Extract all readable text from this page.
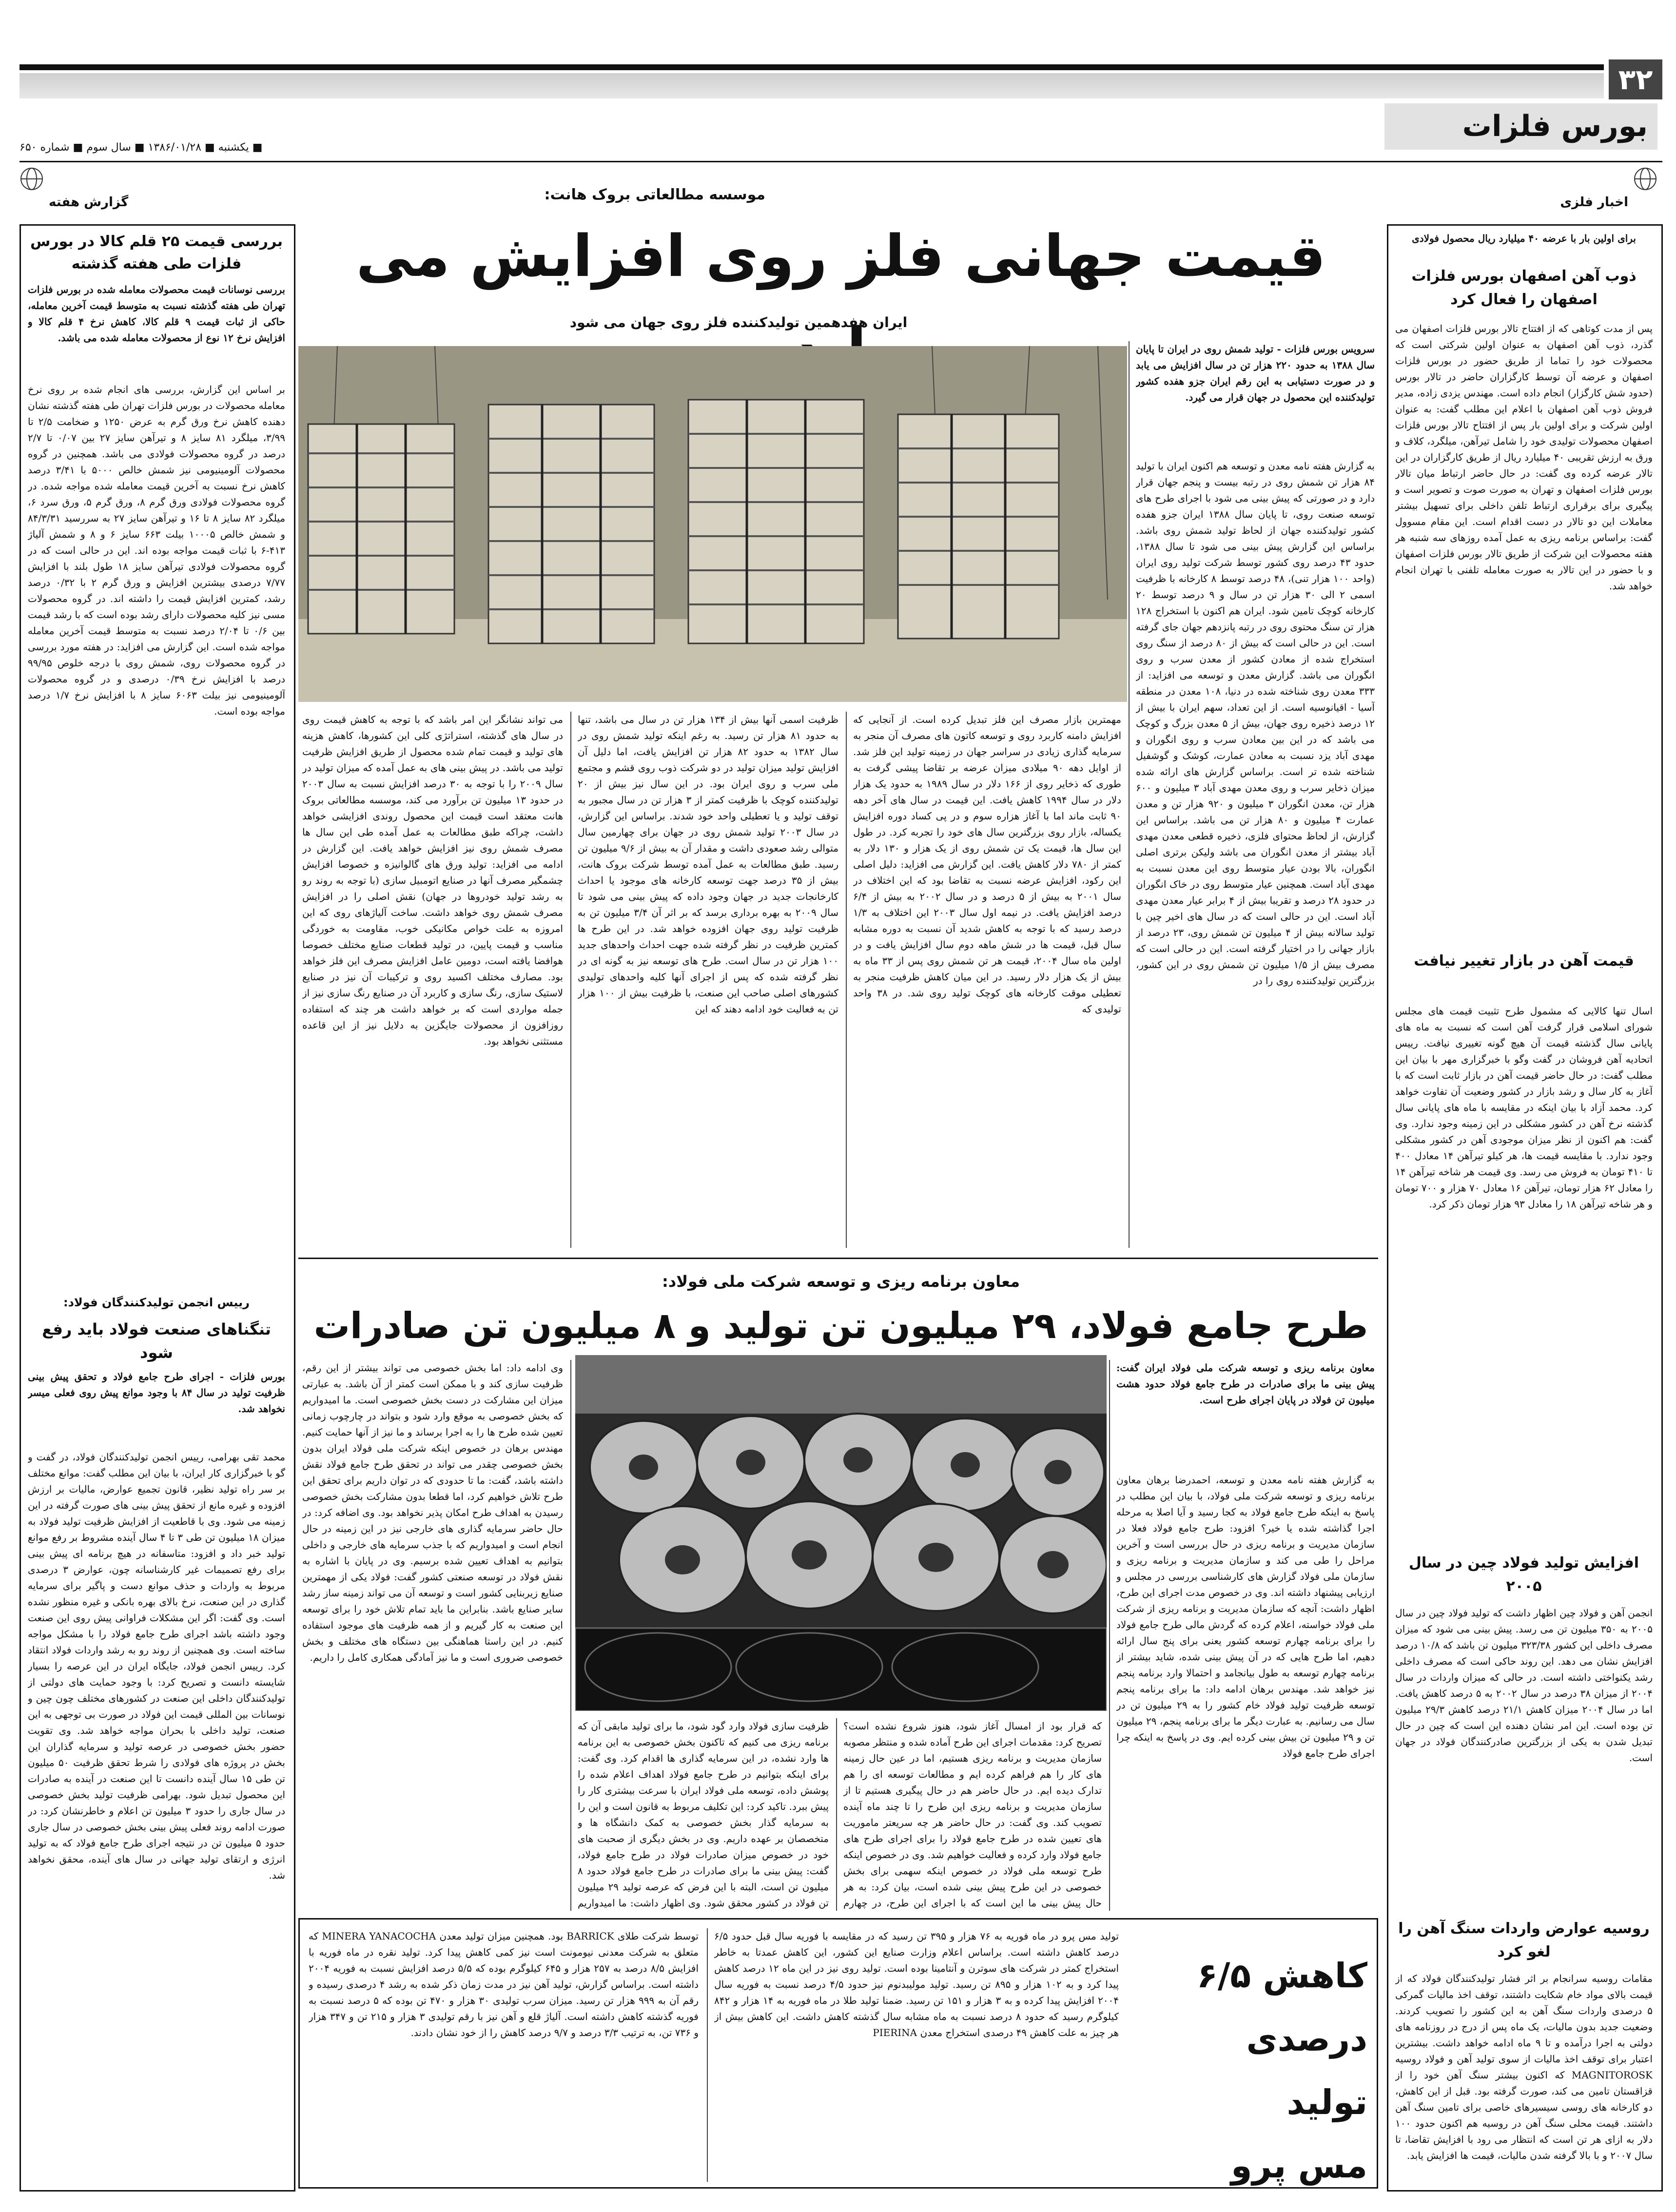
۳۲
بورس فلزات
■ یکشنبه ■ ۱۳۸۶/۰۱/۲۸ ■ سال سوم ■ شماره ۶۵۰
اخبار فلزی
گزارش هفته
برای اولین بار با عرضه ۴۰ میلیارد ریال محصول فولادی
ذوب آهن اصفهان بورس فلزات اصفهان را فعال کرد
پس از مدت کوتاهی که از افتتاح تالار بورس فلزات اصفهان می گذرد، ذوب آهن اصفهان به عنوان اولین شرکتی است که محصولات خود را تماما از طریق حضور در بورس فلزات اصفهان و عرضه آن توسط کارگزاران حاضر در تالار بورس (حدود شش کارگزار) انجام داده است. مهندس یزدی زاده، مدیر فروش ذوب آهن اصفهان با اعلام این مطلب گفت: به عنوان اولین شرکت و برای اولین بار پس از افتتاح تالار بورس فلزات اصفهان محصولات تولیدی خود را شامل تیرآهن، میلگرد، کلاف و ورق به ارزش تقریبی ۴۰ میلیارد ریال از طریق کارگزاران در این تالار عرضه کرده وی گفت: در حال حاضر ارتباط میان تالار بورس فلزات اصفهان و تهران به صورت صوت و تصویر است و پیگیری برای برقراری ارتباط تلفن داخلی برای تسهیل بیشتر معاملات این دو تالار در دست اقدام است. این مقام مسوول گفت: براساس برنامه ریزی به عمل آمده روزهای سه شنبه هر هفته محصولات این شرکت از طریق تالار بورس فلزات اصفهان و با حضور در این تالار به صورت معامله تلفنی با تهران انجام خواهد شد.
قیمت آهن در بازار تغییر نیافت
اسال تنها کالایی که مشمول طرح تثبیت قیمت های مجلس شورای اسلامی قرار گرفت آهن است که نسبت به ماه های پایانی سال گذشته قیمت آن هیچ گونه تغییری نیافت. رییس اتحادیه آهن فروشان در گفت وگو با خبرگزاری مهر با بیان این مطلب گفت: در حال حاضر قیمت آهن در بازار ثابت است که با آغاز به کار سال و رشد بازار در کشور وضعیت آن تفاوت خواهد کرد. محمد آزاد با بیان اینکه در مقایسه با ماه های پایانی سال گذشته نرخ آهن در کشور مشکلی در این زمینه وجود ندارد. وی گفت: هم اکنون از نظر میزان موجودی آهن در کشور مشکلی وجود ندارد. با مقایسه قیمت ها، هر کیلو تیرآهن ۱۴ معادل ۴۰۰ تا ۴۱۰ تومان به فروش می رسد. وی قیمت هر شاخه تیرآهن ۱۴ را معادل ۶۲ هزار تومان، تیرآهن ۱۶ معادل ۷۰ هزار و ۷۰۰ تومان و هر شاخه تیرآهن ۱۸ را معادل ۹۳ هزار تومان ذکر کرد.
افزایش تولید فولاد چین در سال ۲۰۰۵
انجمن آهن و فولاد چین اظهار داشت که تولید فولاد چین در سال ۲۰۰۵ به ۳۵۰ میلیون تن می رسد. پیش بینی می شود که میزان مصرف داخلی این کشور ۳۲۳/۳۸ میلیون تن باشد که ۱۰/۸ درصد افزایش نشان می دهد. این روند حاکی است که مصرف داخلی رشد یکنواختی داشته است. در حالی که میزان واردات در سال ۲۰۰۴ از میزان ۳۸ درصد در سال ۲۰۰۲ به ۵ درصد کاهش یافت. اما در سال ۲۰۰۴ میزان کاهش ۲۱/۱ درصد کاهش ۲۹/۳ میلیون تن بوده است. این امر نشان دهنده این است که چین در حال تبدیل شدن به یکی از بزرگترین صادرکنندگان فولاد در جهان است.
روسیه عوارض واردات سنگ آهن را لغو کرد
مقامات روسیه سرانجام بر اثر فشار تولیدکنندگان فولاد که از قیمت بالای مواد خام شکایت داشتند، توقف اخذ مالیات گمرکی ۵ درصدی واردات سنگ آهن به این کشور را تصویب کردند. وضعیت جدید بدون مالیات، یک ماه پس از درج در روزنامه های دولتی به اجرا درآمده و تا ۹ ماه ادامه خواهد داشت. بیشترین اعتبار برای توقف اخذ مالیات از سوی تولید آهن و فولاد روسیه MAGNITOROSK که اکنون بیشتر سنگ آهن خود را از قزاقستان تامین می کند، صورت گرفته بود. قبل از این کاهش، دو کارخانه های روسی سیسیرهای خاصی برای تامین سنگ آهن داشتند. قیمت محلی سنگ آهن در روسیه هم اکنون حدود ۱۰۰ دلار به ازای هر تن است که انتظار می رود با افزایش تقاضا، تا سال ۲۰۰۷ و با بالا گرفته شدن مالیات، قیمت ها افزایش یابد.
بررسی قیمت ۲۵ قلم کالا در بورس فلزات طی هفته گذشته
بررسی نوسانات قیمت محصولات معامله شده در بورس فلزات تهران طی هفته گذشته نسبت به متوسط قیمت آخرین معامله، حاکی از ثبات قیمت ۹ قلم کالا، کاهش نرخ ۴ قلم کالا و افزایش نرخ ۱۲ نوع از محصولات معامله شده می باشد.
بر اساس این گزارش، بررسی های انجام شده بر روی نرخ معامله محصولات در بورس فلزات تهران طی هفته گذشته نشان دهنده کاهش نرخ ورق گرم به عرض ۱۲۵۰ و ضخامت ۲/۵ تا ۳/۹۹، میلگرد ۸۱ سایز ۸ و تیرآهن سایز ۲۷ بین ۰/۰۷ تا ۲/۷ درصد در گروه محصولات فولادی می باشد. همچنین در گروه محصولات آلومینیومی نیز شمش خالص ۵۰۰۰ با ۳/۴۱ درصد کاهش نرخ نسبت به آخرین قیمت معامله شده مواجه شده. در گروه محصولات فولادی ورق گرم ۸، ورق گرم ۵، ورق سرد ۶، میلگرد ۸۲ سایز ۸ تا ۱۶ و تیرآهن سایز ۲۷ به سررسید ۸۴/۳/۳۱ و شمش خالص ۱۰۰۰۵ بیلت ۶۶۳ سایز ۶ و ۸ و شمش آلیاژ ۴۱۳-۶ با ثبات قیمت مواجه بوده اند. این در حالی است که در گروه محصولات فولادی تیرآهن سایز ۱۸ طول بلند با افزایش ۷/۷۷ درصدی بیشترین افزایش و ورق گرم ۲ با ۰/۳۲ درصد رشد، کمترین افزایش قیمت را داشته اند. در گروه محصولات مسی نیز کلیه محصولات دارای رشد بوده است که با رشد قیمت بین ۰/۶ تا ۲/۰۴ درصد نسبت به متوسط قیمت آخرین معامله مواجه شده است. این گزارش می افزاید: در هفته مورد بررسی در گروه محصولات روی، شمش روی با درجه خلوص ۹۹/۹۵ درصد با افزایش نرخ ۰/۳۹ درصدی و در گروه محصولات آلومینیومی نیز بیلت ۶۰۶۳ سایز ۸ با افزایش نرخ ۱/۷ درصد مواجه بوده است.
رییس انجمن تولیدکنندگان فولاد:
تنگناهای صنعت فولاد باید رفع شود
بورس فلزات - اجرای طرح جامع فولاد و تحقق پیش بینی ظرفیت تولید در سال ۸۴ با وجود موانع پیش روی فعلی میسر نخواهد شد.
محمد تقی بهرامی، رییس انجمن تولیدکنندگان فولاد، در گفت و گو با خبرگزاری کار ایران، با بیان این مطلب گفت: موانع مختلف بر سر راه تولید نظیر، قانون تجمیع عوارض، مالیات بر ارزش افزوده و غیره مانع از تحقق پیش بینی های صورت گرفته در این زمینه می شود. وی با قاطعیت از افزایش ظرفیت تولید فولاد به میزان ۱۸ میلیون تن طی ۳ تا ۴ سال آینده مشروط بر رفع موانع تولید خبر داد و افزود: متاسفانه در هیچ برنامه ای پیش بینی برای رفع تصمیمات غیر کارشناسانه چون، عوارض ۳ درصدی مربوط به واردات و حذف موانع دست و پاگیر برای سرمایه گذاری در این صنعت، نرخ بالای بهره بانکی و غیره منظور نشده است. وی گفت: اگر این مشکلات فراوانی پیش روی این صنعت وجود داشته باشد اجرای طرح جامع فولاد را با مشکل مواجه ساخته است. وی همچنین از روند رو به رشد واردات فولاد انتقاد کرد. رییس انجمن فولاد، جایگاه ایران در این عرصه را بسیار شایسته دانست و تصریح کرد: با وجود حمایت های دولتی از تولیدکنندگان داخلی این صنعت در کشورهای مختلف چون چین و نوسانات بین المللی قیمت این فولاد در صورت بی توجهی به این صنعت، تولید داخلی با بحران مواجه خواهد شد. وی تقویت حضور بخش خصوصی در عرصه تولید و سرمایه گذاران این بخش در پروژه های فولادی را شرط تحقق ظرفیت ۵۰ میلیون تن طی ۱۵ سال آینده دانست تا این صنعت در آینده به صادرات این محصول تبدیل شود. بهرامی ظرفیت تولید بخش خصوصی در سال جاری را حدود ۳ میلیون تن اعلام و خاطرنشان کرد: در صورت ادامه روند فعلی پیش بینی بخش خصوصی در سال جاری حدود ۵ میلیون تن در نتیجه اجرای طرح جامع فولاد که به تولید انرژی و ارتقای تولید جهانی در سال های آینده، محقق نخواهد شد.
موسسه مطالعاتی بروک هانت:
قیمت جهانی فلز روی افزایش می
ایران هفدهمین تولیدکننده فلز روی جهان می شود
سرویس بورس فلزات - تولید شمش روی در ایران تا پایان سال ۱۳۸۸ به حدود ۲۲۰ هزار تن در سال افزایش می یابد و در صورت دستیابی به این رقم ایران جزو هفده کشور تولیدکننده این محصول در جهان قرار می گیرد.
به گزارش هفته نامه معدن و توسعه هم اکنون ایران با تولید ۸۴ هزار تن شمش روی در رتبه بیست و پنجم جهان قرار دارد و در صورتی که پیش بینی می شود با اجرای طرح های توسعه صنعت روی، تا پایان سال ۱۳۸۸ ایران جزو هفده کشور تولیدکننده جهان از لحاظ تولید شمش روی باشد. براساس این گزارش پیش بینی می شود تا سال ۱۳۸۸، حدود ۴۳ درصد روی کشور توسط شرکت تولید روی ایران (واحد ۱۰۰ هزار تنی)، ۴۸ درصد توسط ۸ کارخانه با ظرفیت اسمی ۲ الی ۳۰ هزار تن در سال و ۹ درصد توسط ۲۰ کارخانه کوچک تامین شود. ایران هم اکنون با استخراج ۱۲۸ هزار تن سنگ محتوی روی در رتبه پانزدهم جهان جای گرفته است. این در حالی است که بیش از ۸۰ درصد از سنگ روی استخراج شده از معادن کشور از معدن سرب و روی انگوران می باشد. گزارش معدن و توسعه می افزاید: از ۳۳۳ معدن روی شناخته شده در دنیا، ۱۰۸ معدن در منطقه آسیا - اقیانوسیه است. از این تعداد، سهم ایران با بیش از ۱۲ درصد ذخیره روی جهان، بیش از ۵ معدن بزرگ و کوچک می باشد که در این بین معادن سرب و روی انگوران و مهدی آباد یزد نسبت به معادن عمارت، کوشک و گوشفیل شناخته شده تر است. براساس گزارش های ارائه شده میزان ذخایر سرب و روی معدن مهدی آباد ۳ میلیون و ۶۰۰ هزار تن، معدن انگوران ۳ میلیون و ۹۲۰ هزار تن و معدن عمارت ۴ میلیون و ۸۰ هزار تن می باشد. براساس این گزارش، از لحاظ محتوای فلزی، ذخیره قطعی معدن مهدی آباد بیشتر از معدن انگوران می باشد ولیکن برتری اصلی انگوران، بالا بودن عیار متوسط روی این معدن نسبت به مهدی آباد است. همچنین عیار متوسط روی در خاک انگوران در حدود ۲۸ درصد و تقریبا بیش از ۴ برابر عیار معدن مهدی آباد است. این در حالی است که در سال های اخیر چین با تولید سالانه بیش از ۴ میلیون تن شمش روی، ۲۳ درصد از بازار جهانی را در اختیار گرفته است. این در حالی است که مصرف بیش از ۱/۵ میلیون تن شمش روی در این کشور، بزرگترین تولیدکننده روی را در
مهمترین بازار مصرف این فلز تبدیل کرده است. از آنجایی که افزایش دامنه کاربرد روی و توسعه کاتون های مصرف آن منجر به سرمایه گذاری زیادی در سراسر جهان در زمینه تولید این فلز شد. از اوایل دهه ۹۰ میلادی میزان عرضه بر تقاضا پیشی گرفت به طوری که ذخایر روی از ۱۶۶ دلار در سال ۱۹۸۹ به حدود یک هزار دلار در سال ۱۹۹۴ کاهش یافت. این قیمت در سال های آخر دهه ۹۰ ثابت ماند اما با آغاز هزاره سوم و در پی کساد دوره افزایش یکساله، بازار روی بزرگترین سال های خود را تجربه کرد. در طول این سال ها، قیمت یک تن شمش روی از یک هزار و ۱۳۰ دلار به کمتر از ۷۸۰ دلار کاهش یافت. این گزارش می افزاید: دلیل اصلی این رکود، افزایش عرضه نسبت به تقاضا بود که این اختلاف در سال ۲۰۰۱ به بیش از ۵ درصد و در سال ۲۰۰۲ به بیش از ۶/۴ درصد افزایش یافت. در نیمه اول سال ۲۰۰۳ این اختلاف به ۱/۳ درصد رسید که با توجه به کاهش شدید آن نسبت به دوره مشابه سال قبل، قیمت ها در شش ماهه دوم سال افزایش یافت و در اولین ماه سال ۲۰۰۴، قیمت هر تن شمش روی پس از ۳۳ ماه به بیش از یک هزار دلار رسید. در این میان کاهش ظرفیت منجر به تعطیلی موقت کارخانه های کوچک تولید روی شد. در ۳۸ واحد تولیدی که
ظرفیت اسمی آنها بیش از ۱۳۴ هزار تن در سال می باشد، تنها به حدود ۸۱ هزار تن رسید. به رغم اینکه تولید شمش روی در سال ۱۳۸۲ به حدود ۸۲ هزار تن افزایش یافت، اما دلیل آن افزایش تولید میزان تولید در دو شرکت ذوب روی قشم و مجتمع ملی سرب و روی ایران بود. در این سال نیز بیش از ۲۰ تولیدکننده کوچک با ظرفیت کمتر از ۳ هزار تن در سال مجبور به توقف تولید و یا تعطیلی واحد خود شدند. براساس این گزارش، در سال ۲۰۰۳ تولید شمش روی در جهان برای چهارمین سال متوالی رشد صعودی داشت و مقدار آن به بیش از ۹/۶ میلیون تن رسید. طبق مطالعات به عمل آمده توسط شرکت بروک هانت، بیش از ۳۵ درصد جهت توسعه کارخانه های موجود یا احداث کارخانجات جدید در جهان وجود داده که پیش بینی می شود تا سال ۲۰۰۹ به بهره برداری برسد که بر اثر آن ۳/۴ میلیون تن به ظرفیت تولید روی جهان افزوده خواهد شد. در این طرح ها کمترین ظرفیت در نظر گرفته شده جهت احداث واحدهای جدید ۱۰۰ هزار تن در سال است. طرح های توسعه نیز به گونه ای در نظر گرفته شده که پس از اجرای آنها کلیه واحدهای تولیدی کشورهای اصلی صاحب این صنعت، با ظرفیت بیش از ۱۰۰ هزار تن به فعالیت خود ادامه دهند که این
می تواند نشانگر این امر باشد که با توجه به کاهش قیمت روی در سال های گذشته، استراتژی کلی این کشورها، کاهش هزینه های تولید و قیمت تمام شده محصول از طریق افزایش ظرفیت تولید می باشد. در پیش بینی های به عمل آمده که میزان تولید در سال ۲۰۰۹ را با توجه به ۳۰ درصد افزایش نسبت به سال ۲۰۰۳ در حدود ۱۳ میلیون تن برآورد می کند، موسسه مطالعاتی بروک هانت معتقد است قیمت این محصول روندی افزایشی خواهد داشت، چراکه طبق مطالعات به عمل آمده طی این سال ها مصرف شمش روی نیز افزایش خواهد یافت. این گزارش در ادامه می افزاید: تولید ورق های گالوانیزه و خصوصا افزایش چشمگیر مصرف آنها در صنایع اتومبیل سازی (با توجه به روند رو به رشد تولید خودروها در جهان) نقش اصلی را در افزایش مصرف شمش روی خواهد داشت. ساخت آلیاژهای روی که این امروزه به علت خواص مکانیکی خوب، مقاومت به خوردگی مناسب و قیمت پایین، در تولید قطعات صنایع مختلف خصوصا هوافضا یافته است، دومین عامل افزایش مصرف این فلز خواهد بود. مصارف مختلف اکسید روی و ترکیبات آن نیز در صنایع لاستیک سازی، رنگ سازی و کاربرد آن در صنایع رنگ سازی نیز از جمله مواردی است که بر خواهد داشت هر چند که استفاده روزافزون از محصولات جایگزین به دلایل نیز از این قاعده مستثنی نخواهد بود.
معاون برنامه ریزی و توسعه شرکت ملی فولاد:
طرح جامع فولاد، ۲۹ میلیون تن تولید و ۸ میلیون تن صادرات
معاون برنامه ریزی و توسعه شرکت ملی فولاد ایران گفت: پیش بینی ما برای صادرات در طرح جامع فولاد حدود هشت میلیون تن فولاد در پایان اجرای طرح است.
به گزارش هفته نامه معدن و توسعه، احمدرضا برهان معاون برنامه ریزی و توسعه شرکت ملی فولاد، با بیان این مطلب در پاسخ به اینکه طرح جامع فولاد به کجا رسید و آیا اصلا به مرحله اجرا گذاشته شده یا خیر؟ افزود: طرح جامع فولاد فعلا در سازمان مدیریت و برنامه ریزی در حال بررسی است و آخرین مراحل را طی می کند و سازمان مدیریت و برنامه ریزی و سازمان ملی فولاد گزارش های کارشناسی بررسی در مجلس و ارزیابی پیشنهاد داشته اند. وی در خصوص مدت اجرای این طرح، اظهار داشت: آنچه که سازمان مدیریت و برنامه ریزی از شرکت ملی فولاد خواسته، اعلام کرده که گردش مالی طرح جامع فولاد را برای برنامه چهارم توسعه کشور یعنی برای پنج سال ارائه دهیم، اما طرح هایی که در آن پیش بینی شده، شاید بیشتر از برنامه چهارم توسعه به طول بیانجامد و احتمالا وارد برنامه پنجم نیز خواهد شد. مهندس برهان ادامه داد: ما برای برنامه پنجم توسعه ظرفیت تولید فولاد خام کشور را به ۲۹ میلیون تن در سال می رسانیم. به عبارت دیگر ما برای برنامه پنجم، ۲۹ میلیون تن و ۲۹ میلیون تن بیش بینی کرده ایم. وی در پاسخ به اینکه چرا اجرای طرح جامع فولاد
که قرار بود از امسال آغاز شود، هنوز شروع نشده است؟ تصریح کرد: مقدمات اجرای این طرح آماده شده و منتظر مصوبه سازمان مدیریت و برنامه ریزی هستیم، اما در عین حال زمینه های کار را هم فراهم کرده ایم و مطالعات توسعه ای را هم تدارک دیده ایم. در حال حاضر هم در حال پیگیری هستیم تا از سازمان مدیریت و برنامه ریزی این طرح را تا چند ماه آینده تصویب کند. وی گفت: در حال حاضر هر چه سریعتر ماموریت های تعیین شده در طرح جامع فولاد را برای اجرای طرح های جامع فولاد وارد کرده و فعالیت خواهیم شد. وی در خصوص اینکه طرح توسعه ملی فولاد در خصوص اینکه سهمی برای بخش خصوصی در این طرح پیش بینی شده است، بیان کرد: به هر حال پیش بینی ما این است که با اجرای این طرح، در چهارم
ظرفیت سازی فولاد وارد گود شود، ما برای تولید مابقی آن که برنامه ریزی می کنیم که تاکنون بخش خصوصی به این برنامه ها وارد نشده، در این سرمایه گذاری ها اقدام کرد. وی گفت: برای اینکه بتوانیم در طرح جامع فولاد اهداف اعلام شده را پوشش داده، توسعه ملی فولاد ایران با سرعت بیشتری کار را پیش ببرد. تاکید کرد: این تکلیف مربوط به قانون است و این را به سرمایه گذار بخش خصوصی به کمک دانشگاه ها و متخصصان بر عهده داریم. وی در بخش دیگری از صحبت های خود در خصوص میزان صادرات فولاد در طرح جامع فولاد، گفت: پیش بینی ما برای صادرات در طرح جامع فولاد حدود ۸ میلیون تن است، البته با این فرض که عرصه تولید ۲۹ میلیون تن فولاد در کشور محقق شود. وی اظهار داشت: ما امیدواریم
وی ادامه داد: اما بخش خصوصی می تواند بیشتر از این رقم، ظرفیت سازی کند و با ممکن است کمتر از آن باشد. به عبارتی میزان این مشارکت در دست بخش خصوصی است. ما امیدواریم که بخش خصوصی به موقع وارد شود و بتواند در چارچوب زمانی تعیین شده طرح ها را به اجرا برساند و ما نیز از آنها حمایت کنیم. مهندس برهان در خصوص اینکه شرکت ملی فولاد ایران بدون بخش خصوصی چقدر می تواند در تحقق طرح جامع فولاد نقش داشته باشد، گفت: ما تا حدودی که در توان داریم برای تحقق این طرح تلاش خواهیم کرد، اما قطعا بدون مشارکت بخش خصوصی رسیدن به اهداف طرح امکان پذیر نخواهد بود. وی اضافه کرد: در حال حاضر سرمایه گذاری های خارجی نیز در این زمینه در حال انجام است و امیدواریم که با جذب سرمایه های خارجی و داخلی بتوانیم به اهداف تعیین شده برسیم. وی در پایان با اشاره به نقش فولاد در توسعه صنعتی کشور گفت: فولاد یکی از مهمترین صنایع زیربنایی کشور است و توسعه آن می تواند زمینه ساز رشد سایر صنایع باشد. بنابراین ما باید تمام تلاش خود را برای توسعه این صنعت به کار گیریم و از همه ظرفیت های موجود استفاده کنیم. در این راستا هماهنگی بین دستگاه های مختلف و بخش خصوصی ضروری است و ما نیز آمادگی همکاری کامل را داریم.
کاهش ۶/۵ درصدی
تولید
مس پرو
تولید مس پرو در ماه فوریه به ۷۶ هزار و ۳۹۵ تن رسید که در مقایسه با فوریه سال قبل حدود ۶/۵ درصد کاهش داشته است. براساس اعلام وزارت صنایع این کشور، این کاهش عمدتا به خاطر استخراج کمتر در شرکت های سوترن و آنتامینا بوده است. تولید روی نیز در این ماه ۱۲ درصد کاهش پیدا کرد و به ۱۰۲ هزار و ۸۹۵ تن رسید. تولید مولیبدنوم نیز حدود ۴/۵ درصد نسبت به فوریه سال ۲۰۰۴ افزایش پیدا کرده و به ۳ هزار و ۱۵۱ تن رسید. ضمنا تولید طلا در ماه فوریه به ۱۴ هزار و ۸۴۲ کیلوگرم رسید که حدود ۸ درصد نسبت به ماه مشابه سال گذشته کاهش داشت. این کاهش بیش از هر چیز به علت کاهش ۴۹ درصدی استخراج معدن PIERINA
توسط شرکت طلای BARRICK بود. همچنین میزان تولید معدن MINERA YANACOCHA که متعلق به شرکت معدنی نیومونت است نیز کمی کاهش پیدا کرد. تولید نقره در ماه فوریه با افزایش ۸/۵ درصد به ۲۵۷ هزار و ۶۴۵ کیلوگرم بوده که ۵/۵ درصد افزایش نسبت به فوریه ۲۰۰۴ داشته است. براساس گزارش، تولید آهن نیز در مدت زمان ذکر شده به رشد ۴ درصدی رسیده و رقم آن به ۹۹۹ هزار تن رسید. میزان سرب تولیدی ۳۰ هزار و ۴۷۰ تن بوده که ۵ درصد نسبت به فوریه گذشته کاهش داشته است. آلیاژ قلع و آهن نیز با رقم تولیدی ۳ هزار و ۲۱۵ تن و ۳۴۷ هزار و ۷۳۶ تن، به ترتیب ۳/۳ درصد و ۹/۷ درصد کاهش را از خود نشان دادند.
